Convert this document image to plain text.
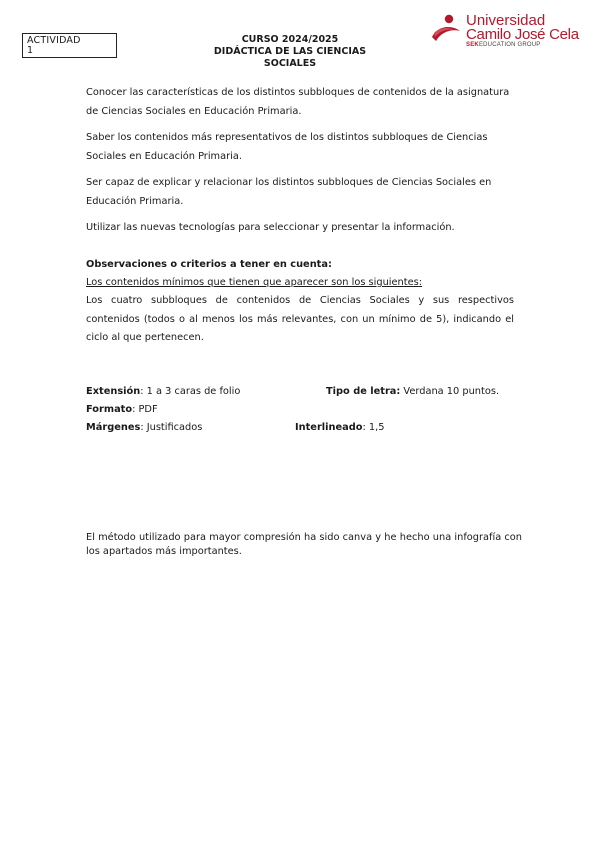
ACTIVIDAD
1
CURSO 2024/2025
DIDÁCTICA DE LAS CIENCIAS
SOCIALES
Universidad
Camilo José Cela
SEKEDUCATION GROUP
Conocer las características de los distintos subbloques de contenidos de la asignatura de Ciencias Sociales en Educación Primaria.
Saber los contenidos más representativos de los distintos subbloques de Ciencias Sociales en Educación Primaria.
Ser capaz de explicar y relacionar los distintos subbloques de Ciencias Sociales en Educación Primaria.
Utilizar las nuevas tecnologías para seleccionar y presentar la información.
Observaciones o criterios a tener en cuenta:
Los contenidos mínimos que tienen que aparecer son los siguientes:
Los cuatro subbloques de contenidos de Ciencias Sociales y sus respectivos contenidos (todos o al menos los más relevantes, con un mínimo de 5), indicando el ciclo al que pertenecen.
Extensión: 1 a 3 caras de folio	Tipo de letra: Verdana 10 puntos.
Formato: PDF
Márgenes: Justificados	Interlineado: 1,5
El método utilizado para mayor compresión ha sido canva y he hecho una infografía con los apartados más importantes.
